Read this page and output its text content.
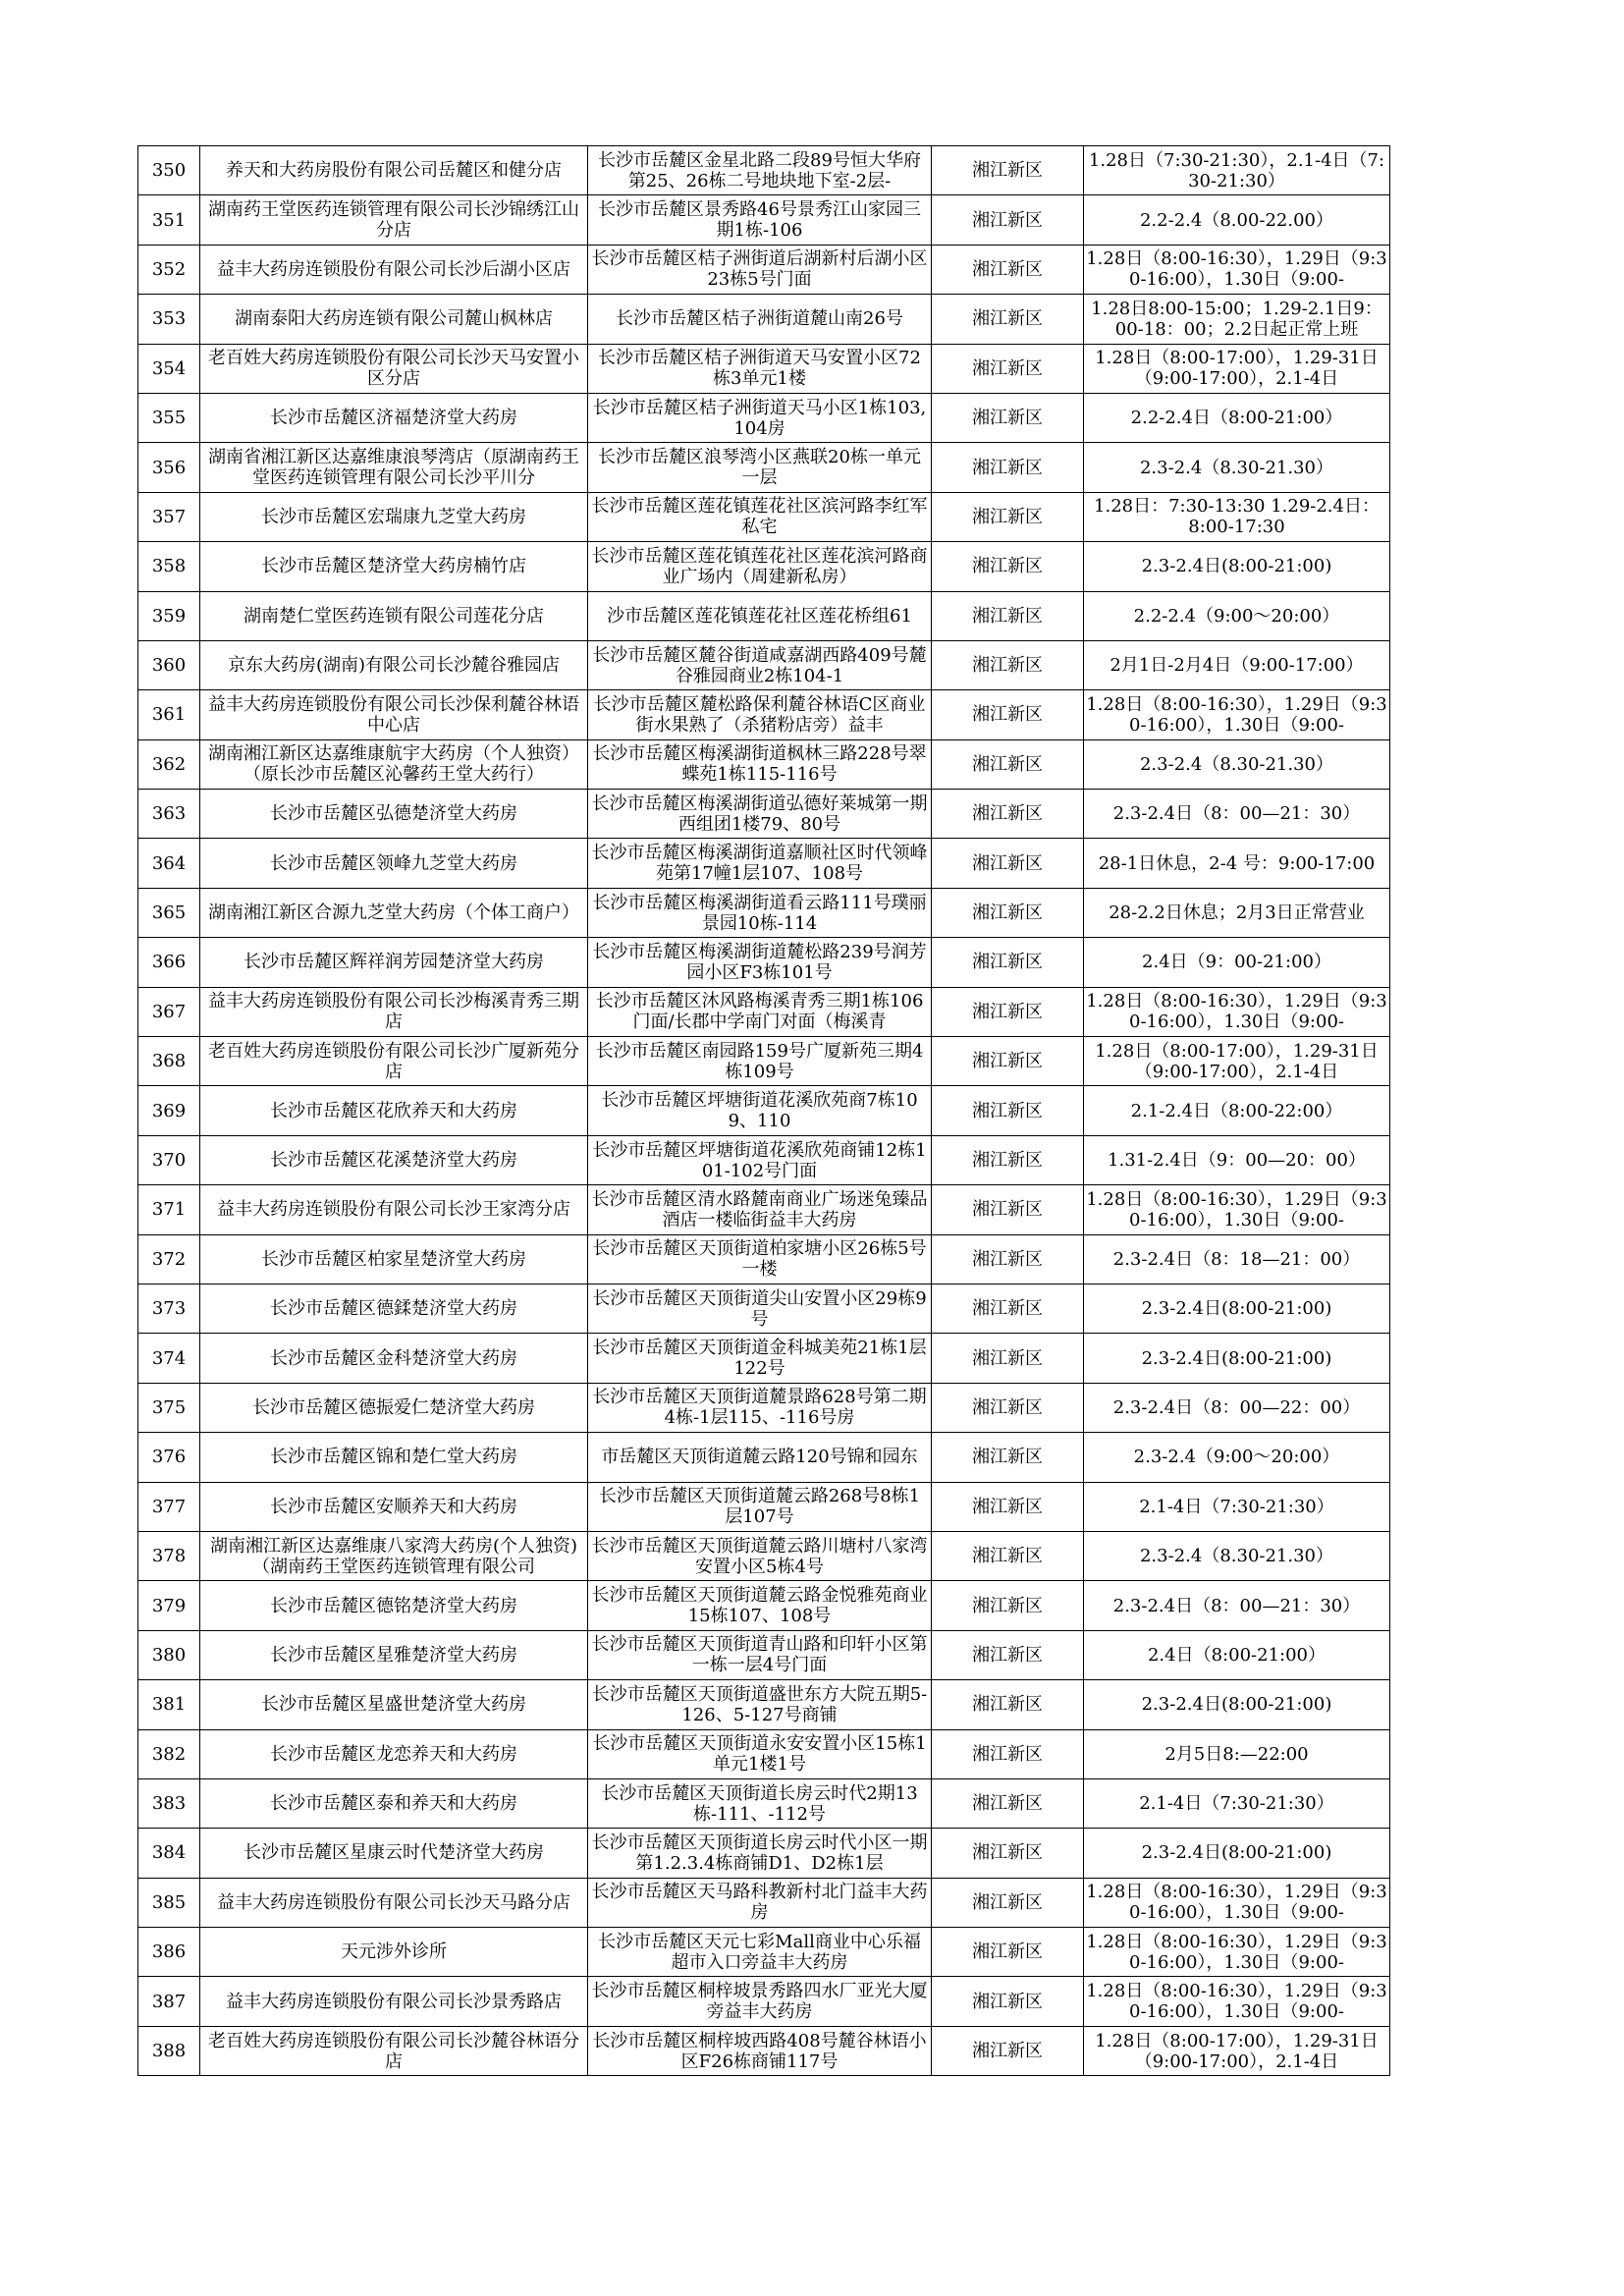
350	养天和大药房股份有限公司岳麓区和健分店	长沙市岳麓区金星北路二段89号恒大华府第25、26栋二号地块地下室-2层-	湘江新区	1.28日（7:30-21:30），2.1-4日（7:30-21:30）

351	湖南药王堂医药连锁管理有限公司长沙锦绣江山分店	长沙市岳麓区景秀路46号景秀江山家园三期1栋-106	湘江新区	2.2-2.4（8.00-22.00）

352	益丰大药房连锁股份有限公司长沙后湖小区店	长沙市岳麓区桔子洲街道后湖新村后湖小区23栋5号门面	湘江新区	1.28日（8:00-16:30），1.29日（9:30-16:00），1.30日（9:00-

353	湖南泰阳大药房连锁有限公司麓山枫林店	长沙市岳麓区桔子洲街道麓山南26号	湘江新区	1.28日8:00-15:00；1.29-2.1日9：00-18：00；2.2日起正常上班

354	老百姓大药房连锁股份有限公司长沙天马安置小区分店	长沙市岳麓区桔子洲街道天马安置小区72栋3单元1楼	湘江新区	1.28日（8:00-17:00），1.29-31日（9:00-17:00），2.1-4日

355	长沙市岳麓区济福楚济堂大药房	长沙市岳麓区桔子洲街道天马小区1栋103,104房	湘江新区	2.2-2.4日（8:00-21:00）

356	湖南省湘江新区达嘉维康浪琴湾店（原湖南药王堂医药连锁管理有限公司长沙平川分	长沙市岳麓区浪琴湾小区燕联20栋一单元一层	湘江新区	2.3-2.4（8.30-21.30）

357	长沙市岳麓区宏瑞康九芝堂大药房	长沙市岳麓区莲花镇莲花社区滨河路李红军私宅	湘江新区	1.28日：7:30-13:30 1.29-2.4日：8:00-17:30

358	长沙市岳麓区楚济堂大药房楠竹店	长沙市岳麓区莲花镇莲花社区莲花滨河路商业广场内（周建新私房）	湘江新区	2.3-2.4日(8:00-21:00)

359	湖南楚仁堂医药连锁有限公司莲花分店	沙市岳麓区莲花镇莲花社区莲花桥组61	湘江新区	2.2-2.4（9:00～20:00）

360	京东大药房(湖南)有限公司长沙麓谷雅园店	长沙市岳麓区麓谷街道咸嘉湖西路409号麓谷雅园商业2栋104-1	湘江新区	2月1日-2月4日（9:00-17:00）

361	益丰大药房连锁股份有限公司长沙保利麓谷林语中心店	长沙市岳麓区麓松路保利麓谷林语C区商业街水果熟了（杀猪粉店旁）益丰	湘江新区	1.28日（8:00-16:30），1.29日（9:30-16:00），1.30日（9:00-

362	湖南湘江新区达嘉维康航宇大药房（个人独资）（原长沙市岳麓区沁馨药王堂大药行）	长沙市岳麓区梅溪湖街道枫林三路228号翠蝶苑1栋115-116号	湘江新区	2.3-2.4（8.30-21.30）

363	长沙市岳麓区弘德楚济堂大药房	长沙市岳麓区梅溪湖街道弘德好莱城第一期西组团1楼79、80号	湘江新区	2.3-2.4日（8：00—21：30）

364	长沙市岳麓区领峰九芝堂大药房	长沙市岳麓区梅溪湖街道嘉顺社区时代领峰苑第17幢1层107、108号	湘江新区	28-1日休息，2-4 号：9:00-17:00

365	湖南湘江新区合源九芝堂大药房（个体工商户）	长沙市岳麓区梅溪湖街道看云路111号璞丽景园10栋-114	湘江新区	28-2.2日休息；2月3日正常营业

366	长沙市岳麓区辉祥润芳园楚济堂大药房	长沙市岳麓区梅溪湖街道麓松路239号润芳园小区F3栋101号	湘江新区	2.4日（9：00-21:00）

367	益丰大药房连锁股份有限公司长沙梅溪青秀三期店	长沙市岳麓区沐风路梅溪青秀三期1栋106门面/长郡中学南门对面（梅溪青	湘江新区	1.28日（8:00-16:30），1.29日（9:30-16:00），1.30日（9:00-

368	老百姓大药房连锁股份有限公司长沙广厦新苑分店	长沙市岳麓区南园路159号广厦新苑三期4栋109号	湘江新区	1.28日（8:00-17:00），1.29-31日（9:00-17:00），2.1-4日

369	长沙市岳麓区花欣养天和大药房	长沙市岳麓区坪塘街道花溪欣苑商7栋109、110	湘江新区	2.1-2.4日（8:00-22:00）

370	长沙市岳麓区花溪楚济堂大药房	长沙市岳麓区坪塘街道花溪欣苑商铺12栋101-102号门面	湘江新区	1.31-2.4日（9：00—20：00）

371	益丰大药房连锁股份有限公司长沙王家湾分店	长沙市岳麓区清水路麓南商业广场迷兔臻品酒店一楼临街益丰大药房	湘江新区	1.28日（8:00-16:30），1.29日（9:30-16:00），1.30日（9:00-

372	长沙市岳麓区柏家星楚济堂大药房	长沙市岳麓区天顶街道柏家塘小区26栋5号一楼	湘江新区	2.3-2.4日（8：18—21：00）

373	长沙市岳麓区德鍒楚济堂大药房	长沙市岳麓区天顶街道尖山安置小区29栋9号	湘江新区	2.3-2.4日(8:00-21:00)

374	长沙市岳麓区金科楚济堂大药房	长沙市岳麓区天顶街道金科城美苑21栋1层122号	湘江新区	2.3-2.4日(8:00-21:00)

375	长沙市岳麓区德振爱仁楚济堂大药房	长沙市岳麓区天顶街道麓景路628号第二期4栋-1层115、-116号房	湘江新区	2.3-2.4日（8：00—22：00）

376	长沙市岳麓区锦和楚仁堂大药房	市岳麓区天顶街道麓云路120号锦和园东	湘江新区	2.3-2.4（9:00～20:00）

377	长沙市岳麓区安顺养天和大药房	长沙市岳麓区天顶街道麓云路268号8栋1层107号	湘江新区	2.1-4日（7:30-21:30）

378	湖南湘江新区达嘉维康八家湾大药房(个人独资)（湖南药王堂医药连锁管理有限公司	长沙市岳麓区天顶街道麓云路川塘村八家湾安置小区5栋4号	湘江新区	2.3-2.4（8.30-21.30）

379	长沙市岳麓区德铭楚济堂大药房	长沙市岳麓区天顶街道麓云路金悦雅苑商业15栋107、108号	湘江新区	2.3-2.4日（8：00—21：30）

380	长沙市岳麓区星雅楚济堂大药房	长沙市岳麓区天顶街道青山路和印轩小区第一栋一层4号门面	湘江新区	2.4日（8:00-21:00）

381	长沙市岳麓区星盛世楚济堂大药房	长沙市岳麓区天顶街道盛世东方大院五期5-126、5-127号商铺	湘江新区	2.3-2.4日(8:00-21:00)

382	长沙市岳麓区龙恋养天和大药房	长沙市岳麓区天顶街道永安安置小区15栋1单元1楼1号	湘江新区	2月5日8:—22:00

383	长沙市岳麓区泰和养天和大药房	长沙市岳麓区天顶街道长房云时代2期13栋-111、-112号	湘江新区	2.1-4日（7:30-21:30）

384	长沙市岳麓区星康云时代楚济堂大药房	长沙市岳麓区天顶街道长房云时代小区一期第1.2.3.4栋商铺D1、D2栋1层	湘江新区	2.3-2.4日(8:00-21:00)

385	益丰大药房连锁股份有限公司长沙天马路分店	长沙市岳麓区天马路科教新村北门益丰大药房	湘江新区	1.28日（8:00-16:30），1.29日（9:30-16:00），1.30日（9:00-

386	天元涉外诊所	长沙市岳麓区天元七彩Mall商业中心乐福超市入口旁益丰大药房	湘江新区	1.28日（8:00-16:30），1.29日（9:30-16:00），1.30日（9:00-

387	益丰大药房连锁股份有限公司长沙景秀路店	长沙市岳麓区桐梓坡景秀路四水厂亚光大厦旁益丰大药房	湘江新区	1.28日（8:00-16:30），1.29日（9:30-16:00），1.30日（9:00-

388	老百姓大药房连锁股份有限公司长沙麓谷林语分店	长沙市岳麓区桐梓坡西路408号麓谷林语小区F26栋商铺117号	湘江新区	1.28日（8:00-17:00），1.29-31日（9:00-17:00），2.1-4日
